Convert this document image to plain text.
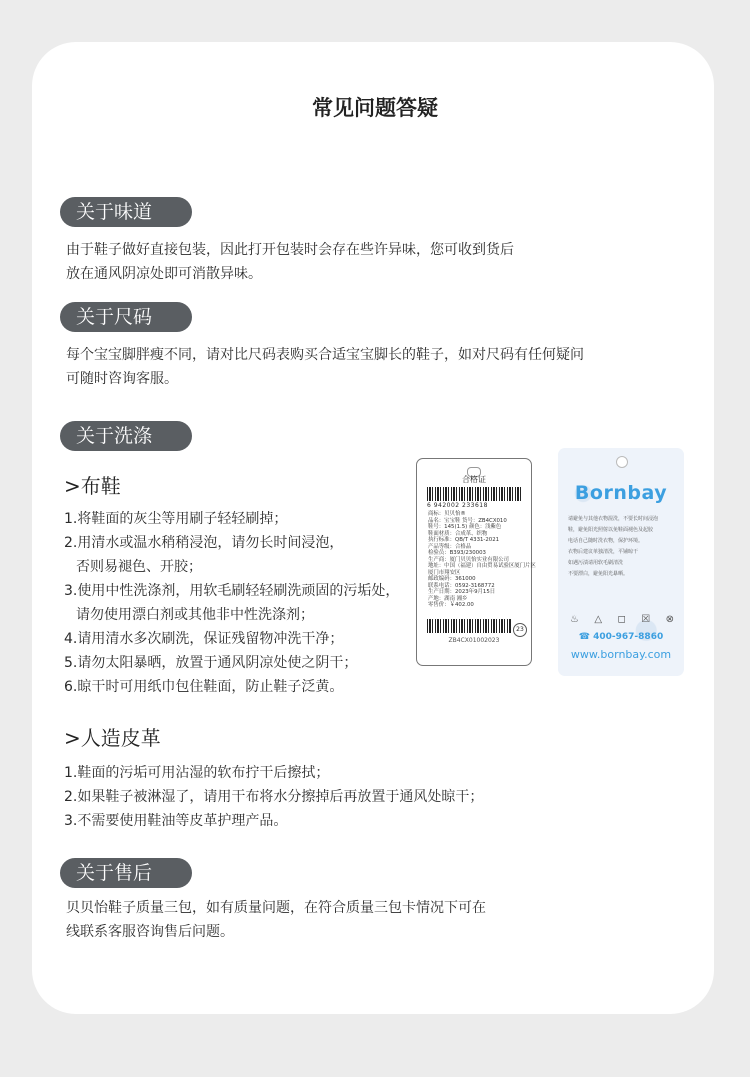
常见问题答疑
关于味道

由于鞋子做好直接包装，因此打开包装时会存在些许异味，您可收到货后
放在通风阴凉处即可消散异味。

关于尺码

每个宝宝脚胖瘦不同，请对比尺码表购买合适宝宝脚长的鞋子，如对尺码有任何疑问
可随时咨询客服。

关于洗涤
>布鞋
1.将鞋面的灰尘等用刷子轻轻刷掉；
2.用清水或温水稍稍浸泡，请勿长时间浸泡，
否则易褪色、开胶；
3.使用中性洗涤剂，用软毛刷轻轻刷洗顽固的污垢处，
请勿使用漂白剂或其他非中性洗涤剂；
4.请用清水多次刷洗，保证残留物冲洗干净；
5.请勿太阳暴晒，放置于通风阴凉处使之阴干；
6.晾干时可用纸巾包住鞋面，防止鞋子泛黄。
合格证
6 942002 233618
商标：贝贝怡®
品名：宝宝鞋 货号：ZB4CX010
鞋号：145(1.5) 颜色：浅紫色
鞋面材质：合成革、织物
执行标准：QB/T 4331-2021
产品等级：合格品
检验员：B393/230003
生产商：厦门贝贝怡实业有限公司
地址：中国（福建）自由贸易试验区厦门片区
厦门市翔安区
邮政编码：361000
联系电话：0592-3168772
生产日期：2023年9月15日
产地：湖南 湘乡
零售价：￥402.00
23
ZB4CX01002023
Bornbay
请避免与其他衣物混洗，不要长时间浸泡
鞋，避免阳光照射以免鞋面褪色及起胶
电话自己随时洗衣物，保护环境。
衣物后建议单独清洗，平铺晾干
如遇污渍请用软毛刷清洗
不要漂白，避免阳光暴晒。
♨ △ ◻ ☒ ⊗
☎ 400-967-8860
www.bornbay.com
>人造皮革
1.鞋面的污垢可用沾湿的软布拧干后擦拭；
2.如果鞋子被淋湿了，请用干布将水分擦掉后再放置于通风处晾干；
3.不需要使用鞋油等皮革护理产品。
关于售后

贝贝怡鞋子质量三包，如有质量问题，在符合质量三包卡情况下可在
线联系客服咨询售后问题。
